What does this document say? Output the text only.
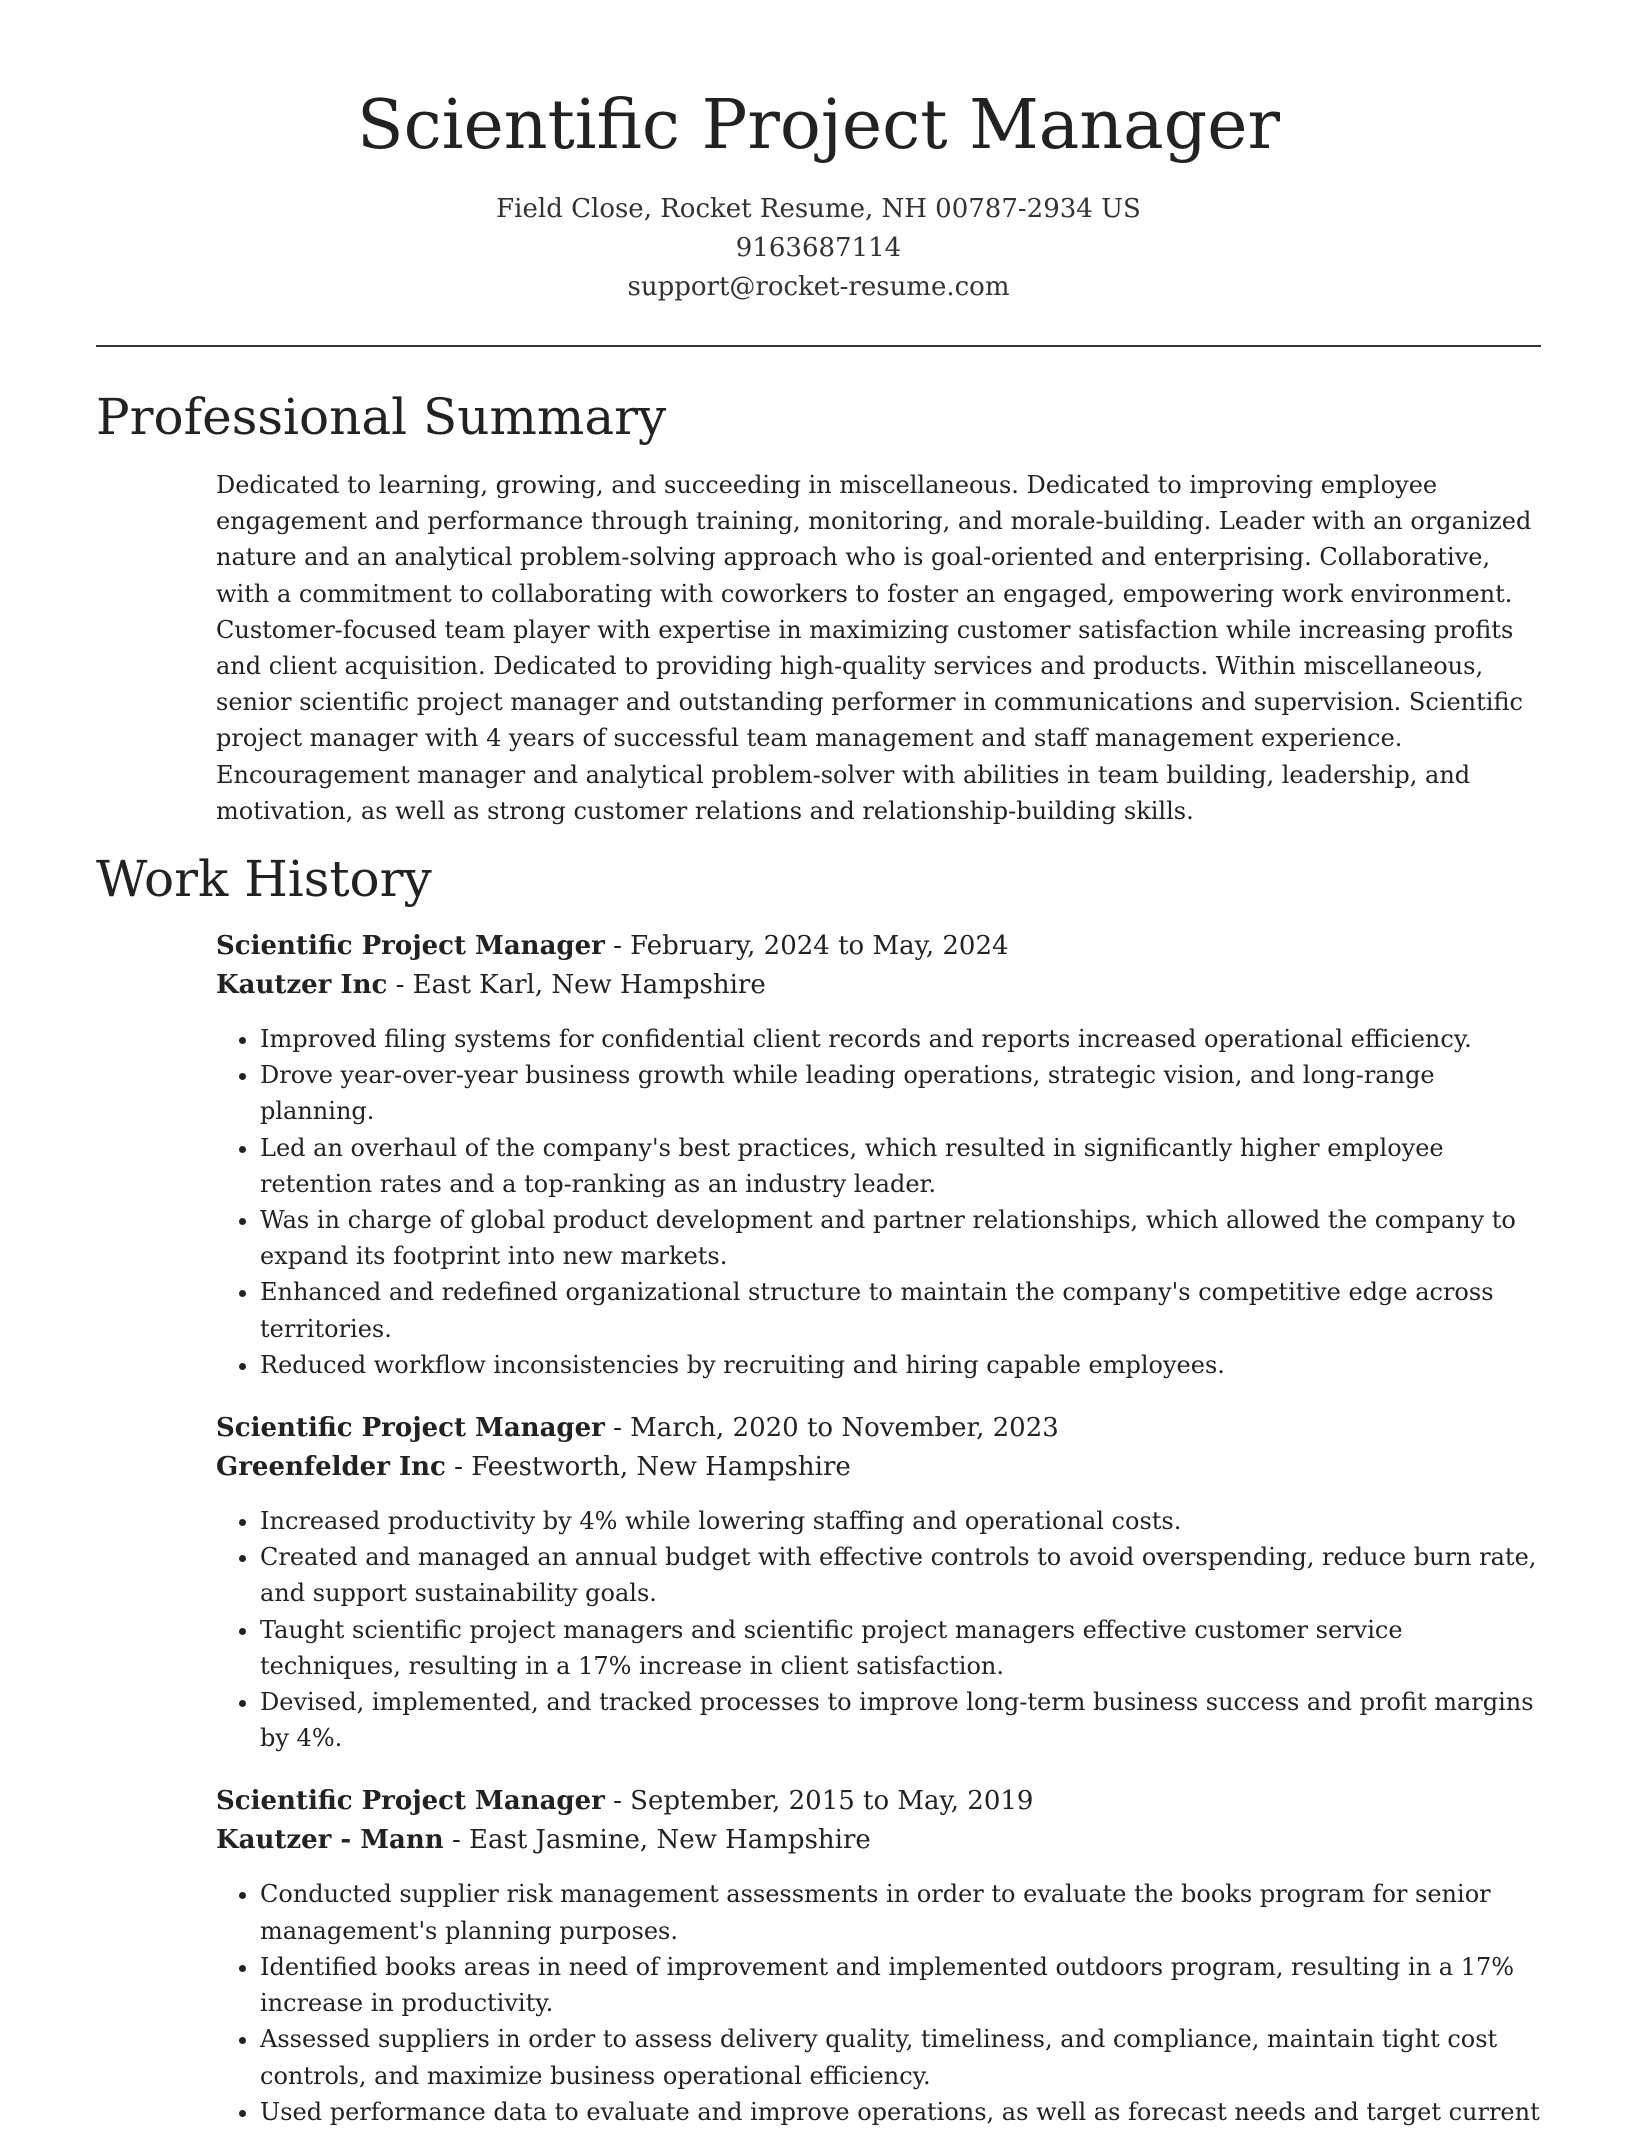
Scientific Project Manager
Field Close, Rocket Resume, NH 00787-2934 US
9163687114
support@rocket-resume.com
Professional Summary
Dedicated to learning, growing, and succeeding in miscellaneous. Dedicated to improving employee engagement and performance through training, monitoring, and morale-building. Leader with an organized nature and an analytical problem-solving approach who is goal-oriented and enterprising. Collaborative, with a commitment to collaborating with coworkers to foster an engaged, empowering work environment. Customer-focused team player with expertise in maximizing customer satisfaction while increasing profits and client acquisition. Dedicated to providing high-quality services and products. Within miscellaneous, senior scientific project manager and outstanding performer in communications and supervision. Scientific project manager with 4 years of successful team management and staff management experience. Encouragement manager and analytical problem-solver with abilities in team building, leadership, and motivation, as well as strong customer relations and relationship-building skills.
Work History
Scientific Project Manager - February, 2024 to May, 2024
Kautzer Inc - East Karl, New Hampshire
• Improved filing systems for confidential client records and reports increased operational efficiency.
• Drove year-over-year business growth while leading operations, strategic vision, and long-range planning.
• Led an overhaul of the company's best practices, which resulted in significantly higher employee retention rates and a top-ranking as an industry leader.
• Was in charge of global product development and partner relationships, which allowed the company to expand its footprint into new markets.
• Enhanced and redefined organizational structure to maintain the company's competitive edge across territories.
• Reduced workflow inconsistencies by recruiting and hiring capable employees.
Scientific Project Manager - March, 2020 to November, 2023
Greenfelder Inc - Feestworth, New Hampshire
• Increased productivity by 4% while lowering staffing and operational costs.
• Created and managed an annual budget with effective controls to avoid overspending, reduce burn rate, and support sustainability goals.
• Taught scientific project managers and scientific project managers effective customer service techniques, resulting in a 17% increase in client satisfaction.
• Devised, implemented, and tracked processes to improve long-term business success and profit margins by 4%.
Scientific Project Manager - September, 2015 to May, 2019
Kautzer - Mann - East Jasmine, New Hampshire
• Conducted supplier risk management assessments in order to evaluate the books program for senior management's planning purposes.
• Identified books areas in need of improvement and implemented outdoors program, resulting in a 17% increase in productivity.
• Assessed suppliers in order to assess delivery quality, timeliness, and compliance, maintain tight cost controls, and maximize business operational efficiency.
• Used performance data to evaluate and improve operations, as well as forecast needs and target current
